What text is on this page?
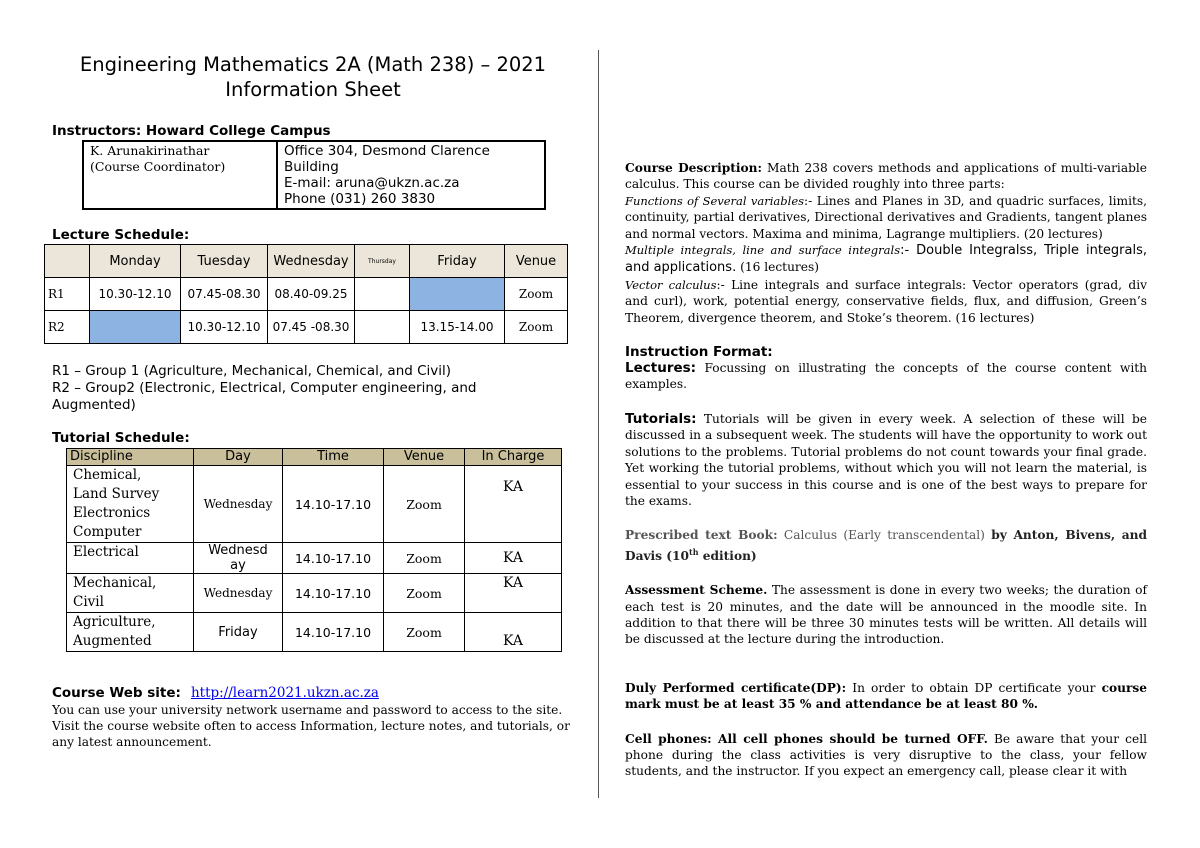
Engineering Mathematics 2A (Math 238) – 2021
Information Sheet
Instructors: Howard College Campus
K. Arunakirinathar
(Course Coordinator)

Office 304, Desmond Clarence
Building
E-mail: aruna@ukzn.ac.za
Phone (031) 260 3830
Lecture Schedule:
	Monday	Tuesday	Wednesday	Thursday	Friday	Venue
R1	10.30-12.10	07.45-08.30	08.40-09.25			Zoom
R2		10.30-12.10	07.45 -08.30		13.15-14.00	Zoom
R1 – Group 1 (Agriculture, Mechanical, Chemical, and Civil)
R2 – Group2 (Electronic, Electrical, Computer engineering, and
Augmented)
Tutorial Schedule:
Discipline	Day	Time	Venue	In Charge

Chemical,
Land Survey
Electronics
Computer	Wednesday	14.10-17.10	Zoom	KA

Electrical	Wednesday	14.10-17.10	Zoom	KA

Mechanical,
Civil	Wednesday	14.10-17.10	Zoom	KA

Agriculture,
Augmented	Friday	14.10-17.10	Zoom	KA
Course Web site: http://learn2021.ukzn.ac.za
You can use your university network username and password to access to the site. Visit the course website often to access Information, lecture notes, and tutorials, or any latest announcement.
Course Description: Math 238 covers methods and applications of multi-variable calculus. This course can be divided roughly into three parts:
Functions of Several variables:- Lines and Planes in 3D, and quadric surfaces, limits, continuity, partial derivatives, Directional derivatives and Gradients, tangent planes and normal vectors. Maxima and minima, Lagrange multipliers. (20 lectures)
Multiple integrals, line and surface integrals:- Double Integralss, Triple integrals, and applications. (16 lectures)
Vector calculus:- Line integrals and surface integrals: Vector operators (grad, div and curl), work, potential energy, conservative fields, flux, and diffusion, Green’s Theorem, divergence theorem, and Stoke’s theorem. (16 lectures)
Instruction Format:
Lectures: Focussing on illustrating the concepts of the course content with examples.
Tutorials: Tutorials will be given in every week. A selection of these will be discussed in a subsequent week. The students will have the opportunity to work out solutions to the problems. Tutorial problems do not count towards your final grade. Yet working the tutorial problems, without which you will not learn the material, is essential to your success in this course and is one of the best ways to prepare for the exams.
Prescribed text Book: Calculus (Early transcendental) by Anton, Bivens, and Davis (10th edition)
Assessment Scheme. The assessment is done in every two weeks; the duration of each test is 20 minutes, and the date will be announced in the moodle site. In addition to that there will be three 30 minutes tests will be written. All details will be discussed at the lecture during the introduction.
Duly Performed certificate(DP): In order to obtain DP certificate your course mark must be at least 35 % and attendance be at least 80 %.
Cell phones: All cell phones should be turned OFF. Be aware that your cell phone during the class activities is very disruptive to the class, your fellow students, and the instructor. If you expect an emergency call, please clear it with
